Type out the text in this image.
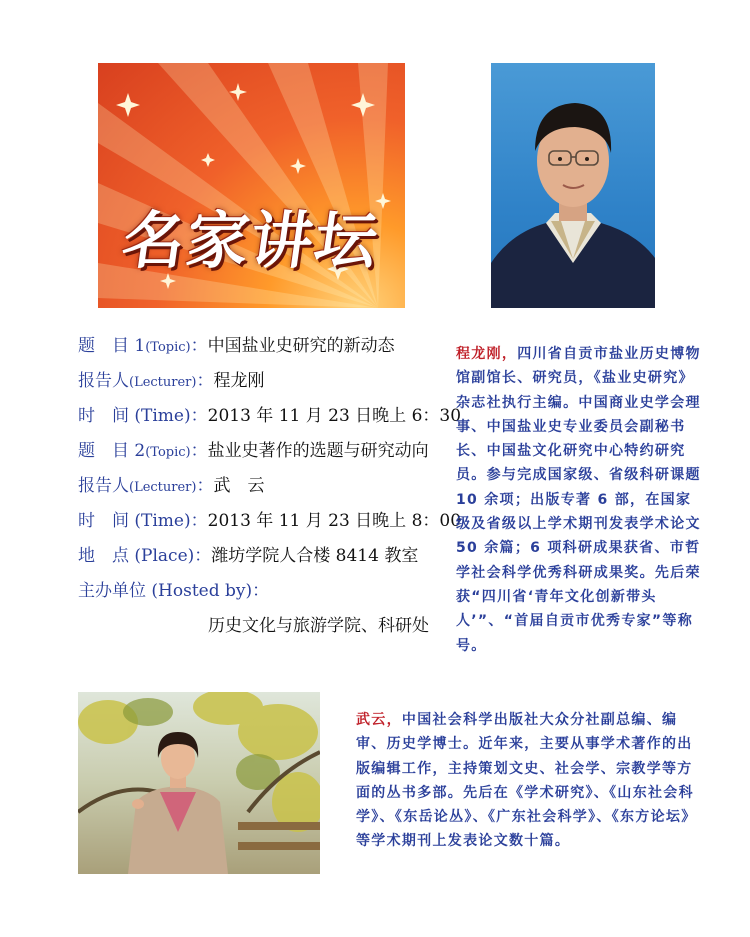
名家讲坛
题　目 1(Topic)：中国盐业史研究的新动态
报告人(Lecturer)：程龙刚
时　间 (Time)：2013 年 11 月 23 日晚上 6：30
题　目 2(Topic)：盐业史著作的选题与研究动向
报告人(Lecturer)：武　云
时　间 (Time)：2013 年 11 月 23 日晚上 8：00
地　点 (Place)：潍坊学院人合楼 8414 教室
主办单位 (Hosted by)：
历史文化与旅游学院、科研处
程龙刚，四川省自贡市盐业历史博物馆副馆长、研究员，《盐业史研究》杂志社执行主编。中国商业史学会理事、中国盐业史专业委员会副秘书长、中国盐文化研究中心特约研究员。参与完成国家级、省级科研课题 10 余项；出版专著 6 部，在国家级及省级以上学术期刊发表学术论文 50 余篇；6 项科研成果获省、市哲学社会科学优秀科研成果奖。先后荣获“四川省‘青年文化创新带头人’”、“首届自贡市优秀专家”等称号。
武云，中国社会科学出版社大众分社副总编、编审、历史学博士。近年来，主要从事学术著作的出版编辑工作，主持策划文史、社会学、宗教学等方面的丛书多部。先后在《学术研究》、《山东社会科学》、《东岳论丛》、《广东社会科学》、《东方论坛》等学术期刊上发表论文数十篇。
